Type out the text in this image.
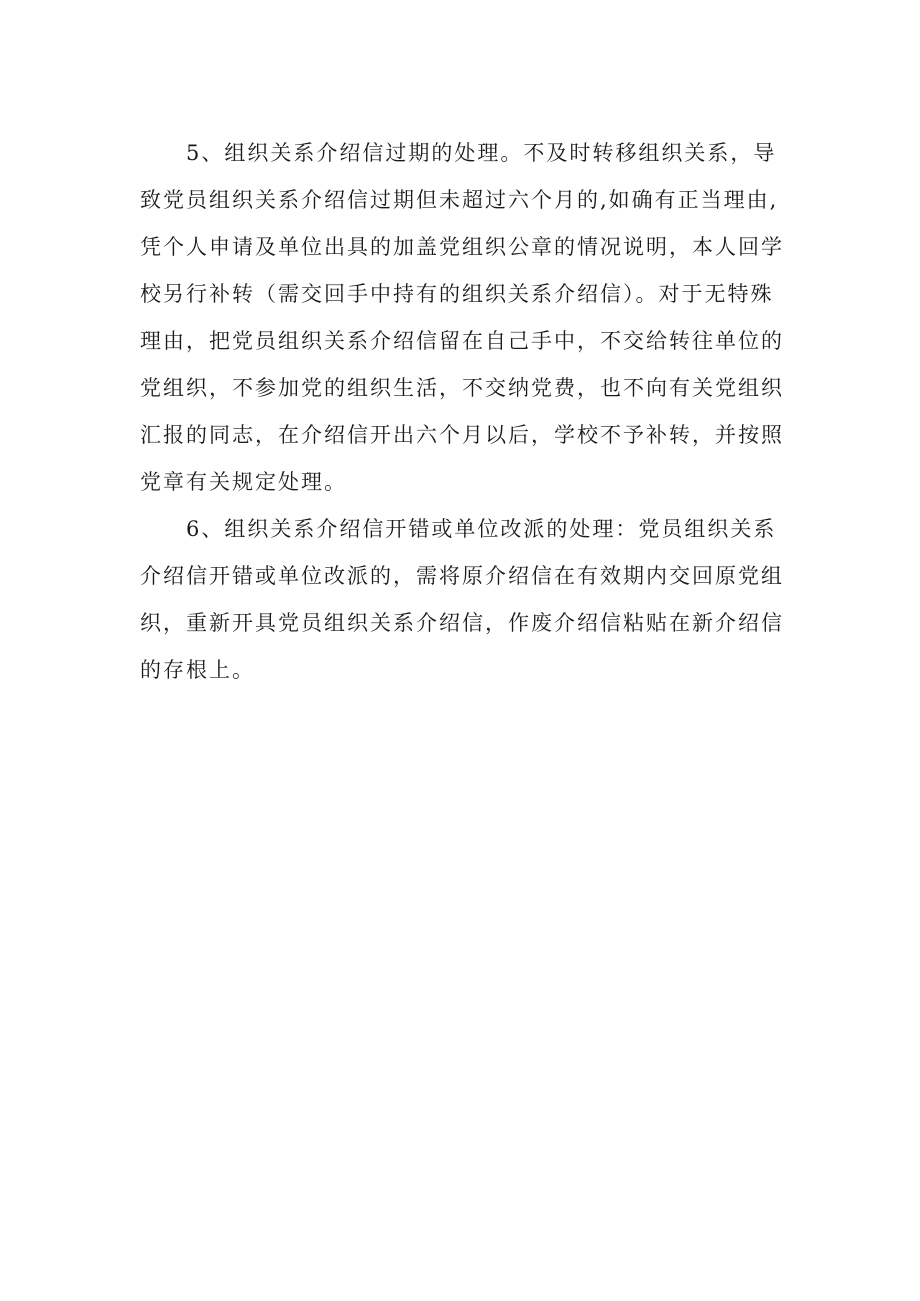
5、组织关系介绍信过期的处理。不及时转移组织关系，导
致党员组织关系介绍信过期但未超过六个月的,如确有正当理由,
凭个人申请及单位出具的加盖党组织公章的情况说明，本人回学
校另行补转（需交回手中持有的组织关系介绍信）。对于无特殊
理由，把党员组织关系介绍信留在自己手中，不交给转往单位的
党组织，不参加党的组织生活，不交纳党费，也不向有关党组织
汇报的同志，在介绍信开出六个月以后，学校不予补转，并按照
党章有关规定处理。

6、组织关系介绍信开错或单位改派的处理：党员组织关系
介绍信开错或单位改派的，需将原介绍信在有效期内交回原党组
织，重新开具党员组织关系介绍信，作废介绍信粘贴在新介绍信
的存根上。
